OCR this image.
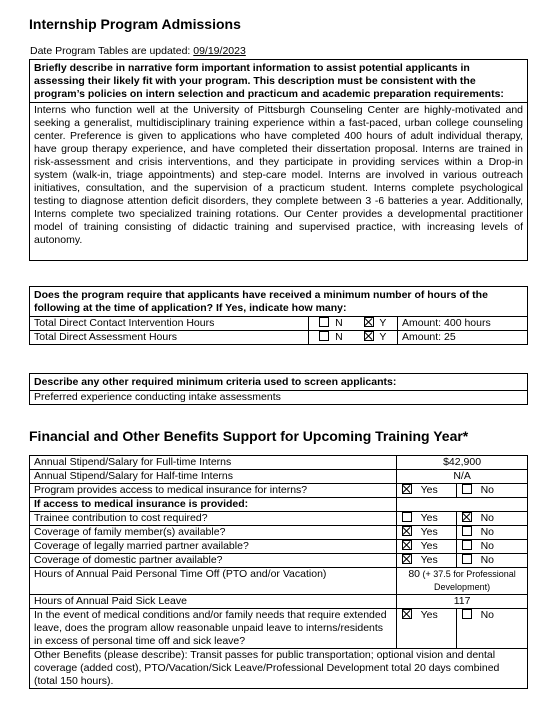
Internship Program Admissions
Date Program Tables are updated: 09/19/2023
Briefly describe in narrative form important information to assist potential applicants in assessing their likely fit with your program. This description must be consistent with the program’s policies on intern selection and practicum and academic preparation requirements:
Interns who function well at the University of Pittsburgh Counseling Center are highly-motivated and seeking a generalist, multidisciplinary training experience within a fast-paced, urban college counseling center. Preference is given to applications who have completed 400 hours of adult individual therapy, have group therapy experience, and have completed their dissertation proposal. Interns are trained in risk-assessment and crisis interventions, and they participate in providing services within a Drop-in system (walk-in, triage appointments) and step-care model. Interns are involved in various outreach initiatives, consultation, and the supervision of a practicum student. Interns complete psychological testing to diagnose attention deficit disorders, they complete between 3 -6 batteries a year. Additionally, Interns complete two specialized training rotations. Our Center provides a developmental practitioner model of training consisting of didactic training and supervised practice, with increasing levels of autonomy.
Does the program require that applicants have received a minimum number of hours of the following at the time of application? If Yes, indicate how many:			
Total Direct Contact Intervention Hours	N	Y	Amount: 400 hours
Total Direct Assessment Hours	N	Y	Amount: 25
Describe any other required minimum criteria used to screen applicants:
Preferred experience conducting intake assessments
Financial and Other Benefits Support for Upcoming Training Year*
Annual Stipend/Salary for Full-time Interns	$42,900			
Annual Stipend/Salary for Half-time Interns	N/A			
Program provides access to medical insurance for interns?		Yes		No
If access to medical insurance is provided:				
Trainee contribution to cost required?		Yes		No
Coverage of family member(s) available?		Yes		No
Coverage of legally married partner available?		Yes		No
Coverage of domestic partner available?		Yes		No
Hours of Annual Paid Personal Time Off (PTO and/or Vacation)	80 (+ 37.5 for Professional Development)			
Hours of Annual Paid Sick Leave	117			
In the event of medical conditions and/or family needs that require extended leave, does the program allow reasonable unpaid leave to interns/residents in excess of personal time off and sick leave?		Yes		No
Other Benefits (please describe): Transit passes for public transportation; optional vision and dental coverage (added cost), PTO/Vacation/Sick Leave/Professional Development total 20 days combined (total 150 hours).				
